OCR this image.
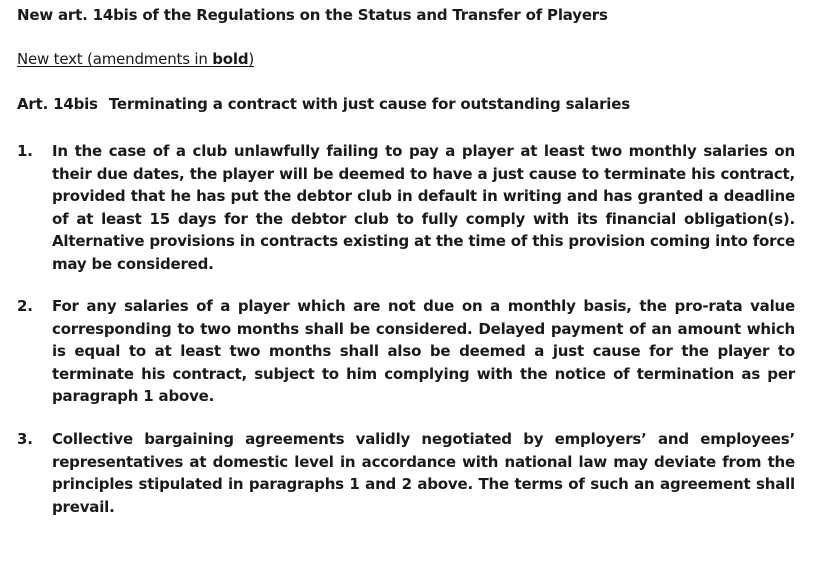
New art. 14bis of the Regulations on the Status and Transfer of Players
New text (amendments in bold)
Art. 14bis Terminating a contract with just cause for outstanding salaries
1. In the case of a club unlawfully failing to pay a player at least two monthly salaries on their due dates, the player will be deemed to have a just cause to terminate his contract, provided that he has put the debtor club in default in writing and has granted a deadline of at least 15 days for the debtor club to fully comply with its financial obligation(s). Alternative provisions in contracts existing at the time of this provision coming into force may be considered.
2. For any salaries of a player which are not due on a monthly basis, the pro-rata value corresponding to two months shall be considered. Delayed payment of an amount which is equal to at least two months shall also be deemed a just cause for the player to terminate his contract, subject to him complying with the notice of termination as per paragraph 1 above.
3. Collective bargaining agreements validly negotiated by employers’ and employees’ representatives at domestic level in accordance with national law may deviate from the principles stipulated in paragraphs 1 and 2 above. The terms of such an agreement shall prevail.
